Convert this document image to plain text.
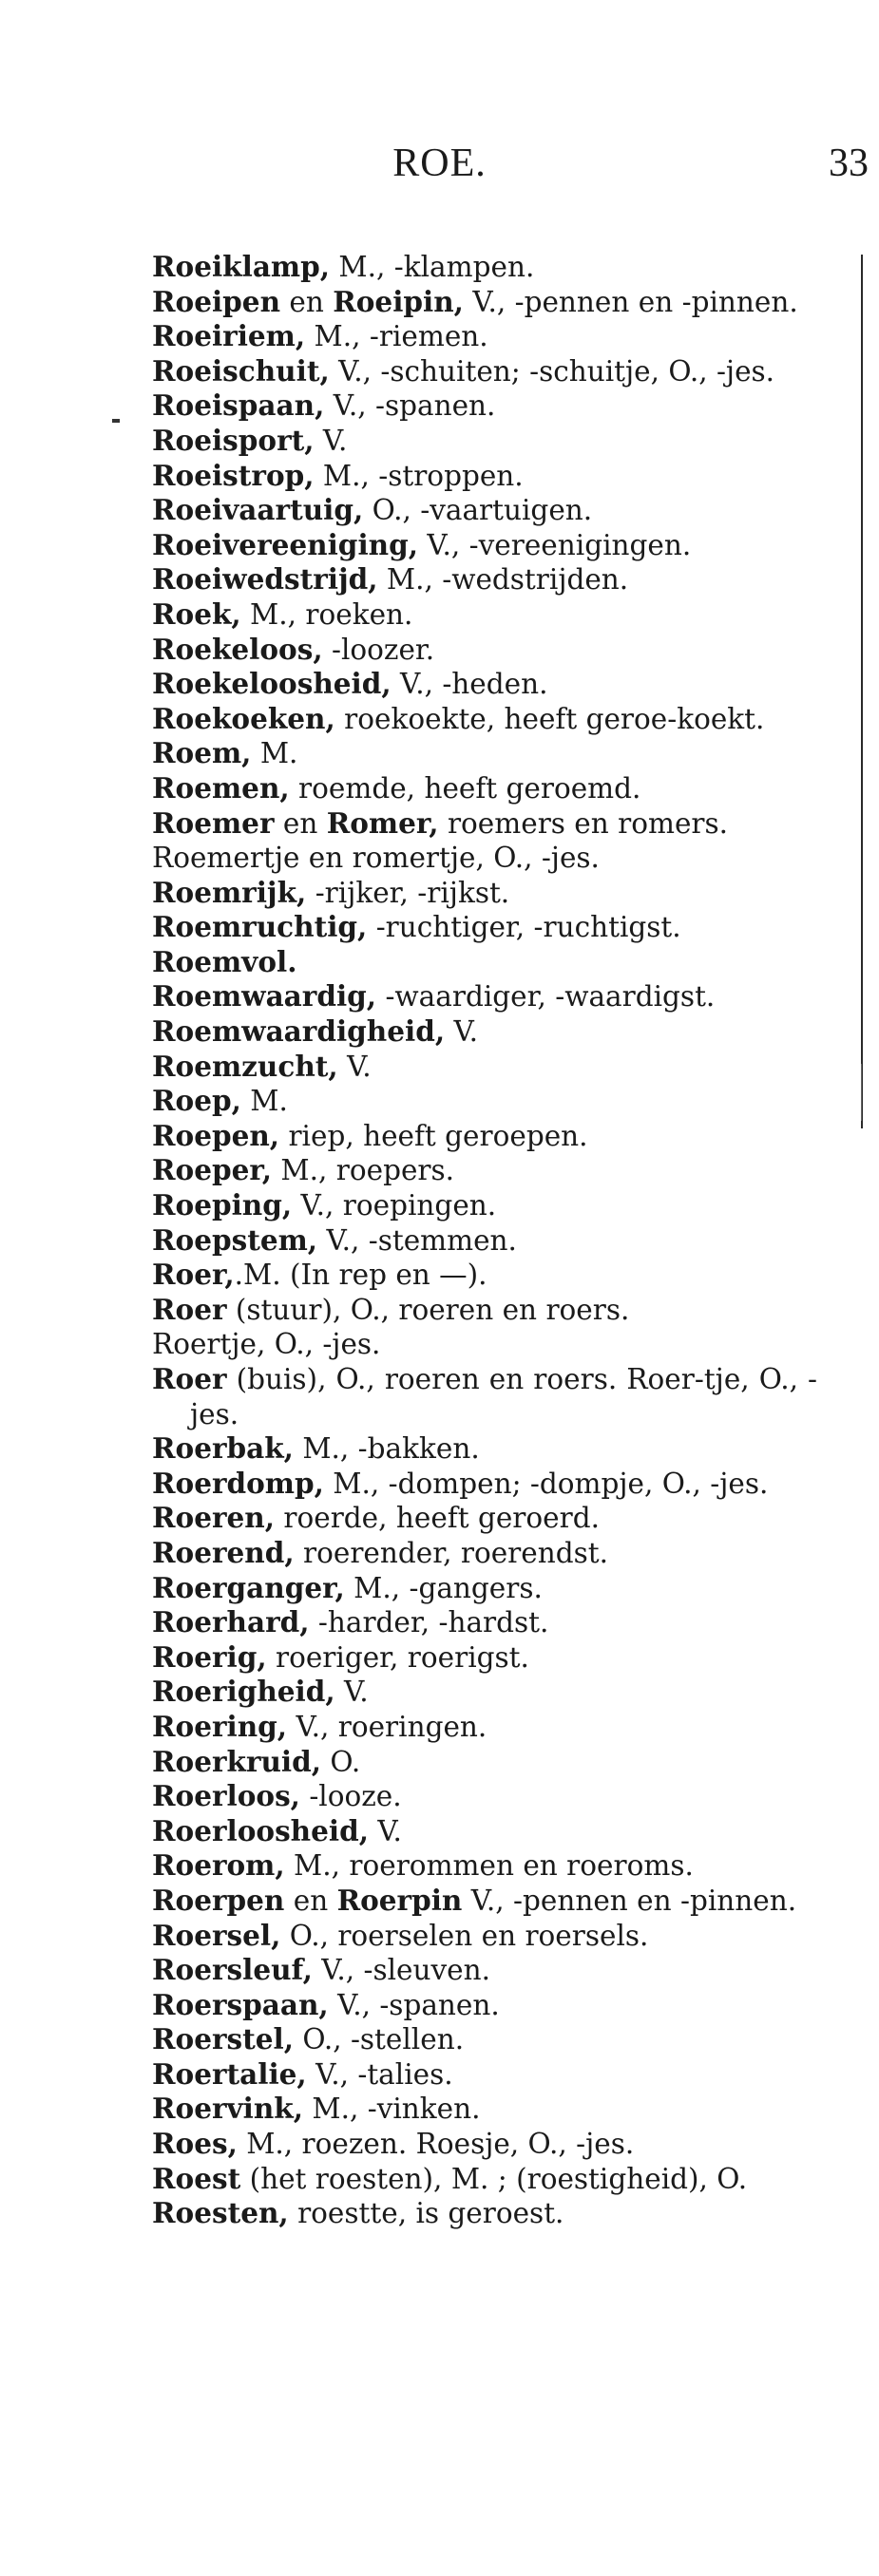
ROE.	33
Roeiklamp, M., -klampen.
Roeipen en Roeipin, V., -pennen en -pinnen.
Roeiriem, M., -riemen.
Roeischuit, V., -schuiten; -schuitje, O., -jes.
Roeispaan, V., -spanen.
Roeisport, V.
Roeistrop, M., -stroppen.
Roeivaartuig, O., -vaartuigen.
Roeivereeniging, V., -vereenigingen.
Roeiwedstrijd, M., -wedstrijden.
Roek, M., roeken.
Roekeloos, -loozer.
Roekeloosheid, V., -heden.
Roekoeken, roekoekte, heeft geroe-koekt.
Roem, M.
Roemen, roemde, heeft geroemd.
Roemer en Romer, roemers en romers.
Roemertje en romertje, O., -jes.
Roemrijk, -rijker, -rijkst.
Roemruchtig, -ruchtiger, -ruchtigst.
Roemvol.
Roemwaardig, -waardiger, -waardigst.
Roemwaardigheid, V.
Roemzucht, V.
Roep, M.
Roepen, riep, heeft geroepen.
Roeper, M., roepers.
Roeping, V., roepingen.
Roepstem, V., -stemmen.
Roer,.M. (In rep en —).
Roer (stuur), O., roeren en roers.
Roertje, O., -jes.
Roer (buis), O., roeren en roers. Roer-tje, O., -jes.
Roerbak, M., -bakken.
Roerdomp, M., -dompen; -dompje, O., -jes.
Roeren, roerde, heeft geroerd.
Roerend, roerender, roerendst.
Roerganger, M., -gangers.
Roerhard, -harder, -hardst.
Roerig, roeriger, roerigst.
Roerigheid, V.
Roering, V., roeringen.
Roerkruid, O.
Roerloos, -looze.
Roerloosheid, V.
Roerom, M., roerommen en roeroms.
Roerpen en Roerpin V., -pennen en -pinnen.
Roersel, O., roerselen en roersels.
Roersleuf, V., -sleuven.
Roerspaan, V., -spanen.
Roerstel, O., -stellen.
Roertalie, V., -talies.
Roervink, M., -vinken.
Roes, M., roezen. Roesje, O., -jes.
Roest (het roesten), M. ; (roestigheid), O.
Roesten, roestte, is geroest.
